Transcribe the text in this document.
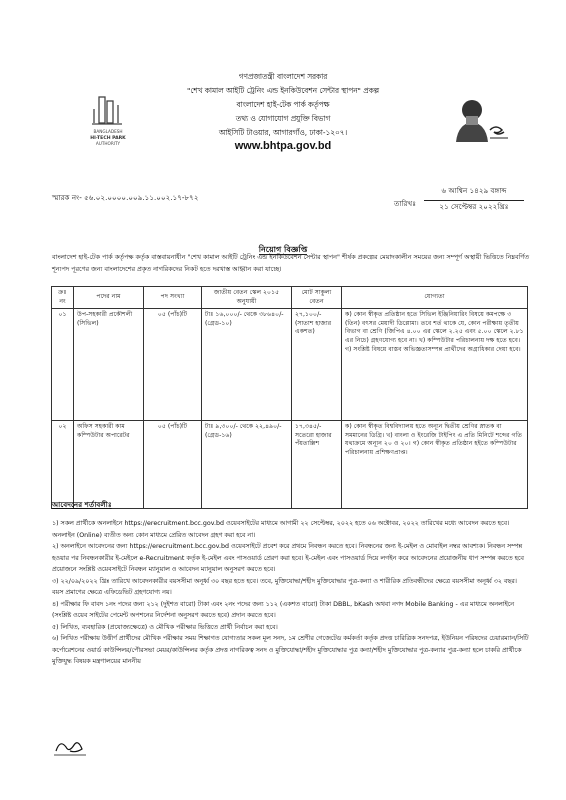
BANGLADESH
HI-TECH PARK
AUTHORITY
গণপ্রজাতন্ত্রী বাংলাদেশ সরকার
"শেখ কামাল আইটি ট্রেনিং এন্ড ইনকিউবেশন সেন্টার স্থাপন" প্রকল্প
বাংলাদেশ হাই-টেক পার্ক কর্তৃপক্ষ
তথ্য ও যোগাযোগ প্রযুক্তি বিভাগ
আইসিটি টাওয়ার, আগারগাঁও, ঢাকা-১২০৭।
www.bhtpa.gov.bd
স্মারক নং- ৫৬.০২.০০০০.০০৯.১১.০০২.১৭-৮৭২
তারিখঃ
৬ আশ্বিন ১৪২৯ বঙ্গাব্দ
২১ সেপ্টেম্বর ২০২২খ্রিঃ
নিয়োগ বিজ্ঞপ্তি
বাংলাদেশ হাই-টেক পার্ক কর্তৃপক্ষ কর্তৃক বাস্তবায়নাধীন "শেখ কামাল আইটি ট্রেনিং এন্ড ইনকিউবেশন সেন্টার স্থাপন" শীর্ষক প্রকল্পের মেয়াদকালীন সময়ের জন্য সম্পূর্ণ অস্থায়ী ভিত্তিতে নিম্নবর্ণিত শূন্যপদ পূরণের জন্য বাংলাদেশের প্রকৃত নাগরিকদের নিকট হতে দরখাস্ত আহ্বান করা যাচ্ছে।
ক্রঃ নং	পদের নাম	পদ সংখ্যা	জাতীয় বেতন স্কেল ২০১৫ অনুযায়ী	মোট সাকুল্য বেতন	যোগ্যতা
০১	উপ-সহকারী প্রকৌশলী (সিভিল)	০৫ (পাঁচ)টি	টাঃ ১৬,০০০/- থেকে ৩৮৬৪০/- (গ্রেড-১০)	২৭,১০০/- (সাতাশ হাজার একশত)	ক) কোন স্বীকৃত প্রতিষ্ঠান হতে সিভিল ইঞ্জিনিয়ারিং বিষয়ে কমপক্ষে ৩ (তিন) বৎসর মেয়াদী ডিপ্লোমা। তবে শর্ত থাকে যে, কোন পরীক্ষায় তৃতীয় বিভাগ বা শ্রেণি (জিপিএ ৪.০০ এর স্কেলে ২.২৫ এবং ৫.০০ স্কেলে ২.৮১ এর নিচে) গ্রহণযোগ্য হবে না। খ) কম্পিউটার পরিচালনায় দক্ষ হতে হবে। গ) সংশ্লিষ্ট বিষয়ে বাস্তব অভিজ্ঞতাসম্পন্ন প্রার্থীদের অগ্রাধিকার দেয়া হবে।
০২	অফিস সহকারী কাম কম্পিউটার অপারেটর	০৫ (পাঁচ)টি	টাঃ ৯,৩০০/- থেকে ২২,৪৯০/- (গ্রেড-১৬)	১৭,৩৪৫/- সতেরো হাজার পঁয়তাল্লিশ	ক) কোন স্বীকৃত বিশ্ববিদ্যালয় হতে অন্যূন দ্বিতীয় শ্রেণির স্নাতক বা সমমানের ডিগ্রি। খ) বাংলা ও ইংরেজি টাইপিং এ প্রতি মিনিটে শব্দের গতি যথাক্রমে অন্যূন ২০ ও ২০। গ) কোন স্বীকৃত প্রতিষ্ঠান হইতে কম্পিউটার পরিচালনায় প্রশিক্ষণপ্রাপ্ত।
আবেদনের শর্তাবলীঃ

১) সকল প্রার্থীকে অনলাইনে https://erecruitment.bcc.gov.bd ওয়েবসাইটের মাধ্যমে আগামী ২২ সেপ্টেম্বর, ২০২২ হতে ০৬ অক্টোবর, ২০২২ তারিখের মধ্যে আবেদন করতে হবে। অনলাইন (Online) ব্যতীত অন্য কোন মাধ্যমে প্রেরিত আবেদন গ্রহণ করা হবে না।

২) অনলাইনে আবেদনের জন্য https://erecruitment.bcc.gov.bd ওয়েবসাইটে প্রবেশ করে প্রথমে নিবন্ধন করতে হবে। নিবন্ধনের জন্য ই-মেইল ও মোবাইল নম্বর আবশ্যক। নিবন্ধন সম্পন্ন হওয়ার পর নিবন্ধনকারীর ই-মেইলে e-Recruitment কর্তৃক ই-মেইল এবং পাসওয়ার্ড প্রেরণ করা হবে। ই-মেইল এবং পাসওয়ার্ড দিয়ে লগইন করে আবেদনের প্রয়োজনীয় ধাপ সম্পন্ন করতে হবে প্রয়োজনে সংশ্লিষ্ট ওয়েবসাইটে নিবন্ধন ম্যানুয়াল ও আবেদন ম্যানুয়াল অনুসরণ করতে হবে।

৩) ২২/০৯/২০২২ খ্রিঃ তারিখে আবেদনকারীর বয়সসীমা অনূর্ধ্ব ৩০ বছর হতে হবে। তবে, মুক্তিযোদ্ধা/শহীদ মুক্তিযোদ্ধার পুত্র-কন্যা ও শারীরিক প্রতিবন্ধীদের ক্ষেত্রে বয়সসীমা অনূর্ধ্ব ৩২ বছর। বয়স প্রমাণের ক্ষেত্রে এফিডেভিট গ্রহণযোগ্য নয়।

৪) পরীক্ষার ফি বাবদ ১নং পদের জন্য ২১২ (দুইশত বারো) টাকা এবং ২নং পদের জন্য ১১২ (একশত বারো) টাকা DBBL, bKash অথবা নগদ Mobile Banking - এর মাধ্যমে অনলাইনে (সংশ্লিষ্ট ওয়েব সাইটের পেমেন্ট অপশনের নির্দেশনা অনুসরণ করতে হবে) প্রদান করতে হবে।

৫) লিখিত, ব্যবহারিক (প্রযোজ্যক্ষেত্রে) ও মৌখিক পরীক্ষার ভিত্তিতে প্রার্থী নির্বাচন করা হবে।

৬) লিখিত পরীক্ষায় উত্তীর্ণ প্রার্থীদের মৌখিক পরীক্ষার সময় শিক্ষাগত যোগ্যতার সকল মূল সনদ, ১ম শ্রেণীর গেজেটেড কর্মকর্তা কর্তৃক প্রদত্ত চারিত্রিক সনদপত্র, ইউনিয়ন পরিষদের চেয়ারম্যান/সিটি কর্পোরেশনের ওয়ার্ড কাউন্সিলর/পৌরসভা মেয়র/কাউন্সিলর কর্তৃক প্রদত্ত নাগরিকত্ব সনদ ও মুক্তিযোদ্ধা/শহীদ মুক্তিযোদ্ধার পুত্র কন্যা/শহীদ মুক্তিযোদ্ধার পুত্র-কন্যার পুত্র-কন্যা হলে চাকরি প্রার্থীকে মুক্তিযুদ্ধ বিষয়ক মন্ত্রণালয়ের মাননীয়
